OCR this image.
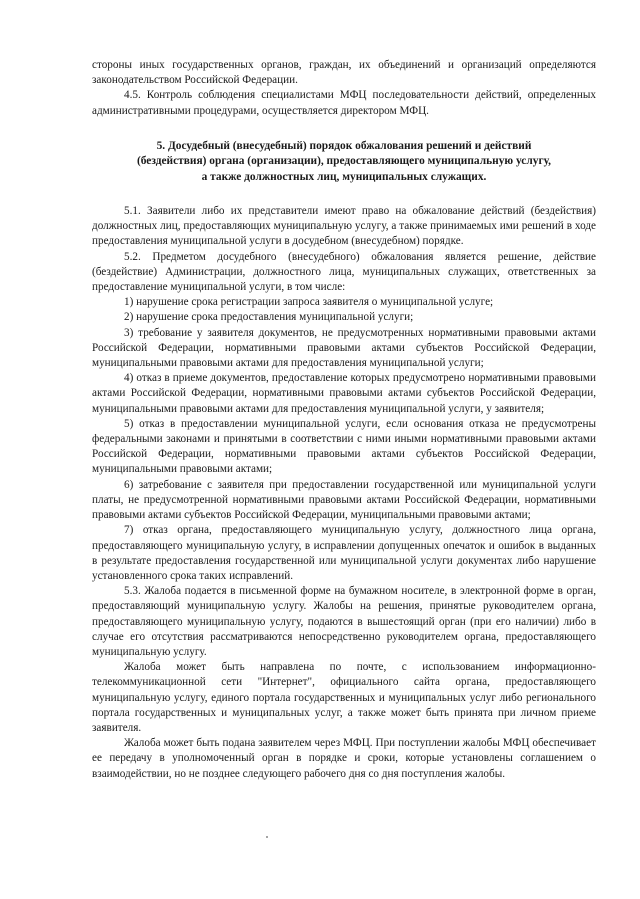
стороны иных государственных органов, граждан, их объединений и организаций определяются законодательством Российской Федерации.

4.5. Контроль соблюдения специалистами МФЦ последовательности действий, определенных административными процедурами, осуществляется директором МФЦ.

5. Досудебный (внесудебный) порядок обжалования решений и действий
(бездействия) органа (организации), предоставляющего муниципальную услугу,
а также должностных лиц, муниципальных служащих.

5.1. Заявители либо их представители имеют право на обжалование действий (бездействия) должностных лиц, предоставляющих муниципальную услугу, а также принимаемых ими решений в ходе предоставления муниципальной услуги в досудебном (внесудебном) порядке.

5.2. Предметом досудебного (внесудебного) обжалования является решение, действие (бездействие) Администрации, должностного лица, муниципальных служащих, ответственных за предоставление муниципальной услуги, в том числе:

1) нарушение срока регистрации запроса заявителя о муниципальной услуге;

2) нарушение срока предоставления муниципальной услуги;

3) требование у заявителя документов, не предусмотренных нормативными правовыми актами Российской Федерации, нормативными правовыми актами субъектов Российской Федерации, муниципальными правовыми актами для предоставления муниципальной услуги;

4) отказ в приеме документов, предоставление которых предусмотрено нормативными правовыми актами Российской Федерации, нормативными правовыми актами субъектов Российской Федерации, муниципальными правовыми актами для предоставления муниципальной услуги, у заявителя;

5) отказ в предоставлении муниципальной услуги, если основания отказа не предусмотрены федеральными законами и принятыми в соответствии с ними иными нормативными правовыми актами Российской Федерации, нормативными правовыми актами субъектов Российской Федерации, муниципальными правовыми актами;

6) затребование с заявителя при предоставлении государственной или муниципальной услуги платы, не предусмотренной нормативными правовыми актами Российской Федерации, нормативными правовыми актами субъектов Российской Федерации, муниципальными правовыми актами;

7) отказ органа, предоставляющего муниципальную услугу, должностного лица органа, предоставляющего муниципальную услугу, в исправлении допущенных опечаток и ошибок в выданных в результате предоставления государственной или муниципальной услуги документах либо нарушение установленного срока таких исправлений.

5.3. Жалоба подается в письменной форме на бумажном носителе, в электронной форме в орган, предоставляющий муниципальную услугу. Жалобы на решения, принятые руководителем органа, предоставляющего муниципальную услугу, подаются в вышестоящий орган (при его наличии) либо в случае его отсутствия рассматриваются непосредственно руководителем органа, предоставляющего муниципальную услугу.

Жалоба может быть направлена по почте, с использованием информационно-телекоммуникационной сети "Интернет", официального сайта органа, предоставляющего муниципальную услугу, единого портала государственных и муниципальных услуг либо регионального портала государственных и муниципальных услуг, а также может быть принята при личном приеме заявителя.

Жалоба может быть подана заявителем через МФЦ. При поступлении жалобы МФЦ обеспечивает ее передачу в уполномоченный орган в порядке и сроки, которые установлены соглашением о взаимодействии, но не позднее следующего рабочего дня со дня поступления жалобы.
